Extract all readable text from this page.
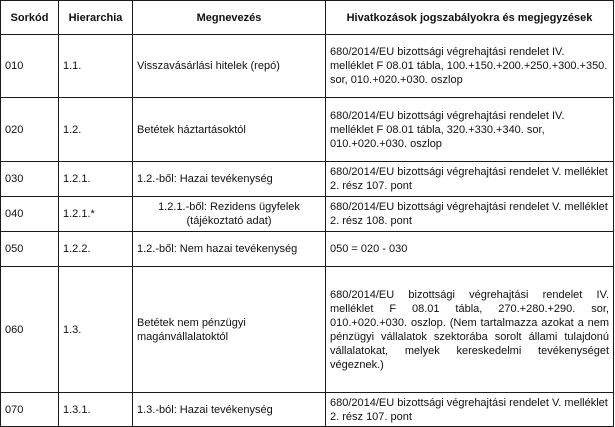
Sorkód	Hierarchia	Megnevezés	Hivatkozások jogszabályokra és megjegyzések
010	1.1.	Visszavásárlási hitelek (repó)	680/2014/EU bizottsági végrehajtási rendelet IV. melléklet F 08.01 tábla, 100.+150.+200.+250.+300.+350. sor, 010.+020.+030. oszlop
020	1.2.	Betétek háztartásoktól	680/2014/EU bizottsági végrehajtási rendelet IV. melléklet F 08.01 tábla, 320.+330.+340. sor, 010.+020.+030. oszlop
030	1.2.1.	1.2.-ből: Hazai tevékenység	680/2014/EU bizottsági végrehajtási rendelet V. melléklet 2. rész 107. pont
040	1.2.1.*	1.2.1.-ből: Rezidens ügyfelek (tájékoztató adat)	680/2014/EU bizottsági végrehajtási rendelet V. melléklet 2. rész 108. pont
050	1.2.2.	1.2.-ből: Nem hazai tevékenység	050 = 020 - 030
060	1.3.	Betétek nem pénzügyi magánvállalatoktól	680/2014/EU bizottsági végrehajtási rendelet IV. melléklet F 08.01 tábla, 270.+280.+290. sor, 010.+020.+030. oszlop. (Nem tartalmazza azokat a nem pénzügyi vállalatok szektorába sorolt állami tulajdonú vállalatokat, melyek kereskedelmi tevékenységet végeznek.)
070	1.3.1.	1.3.-ból: Hazai tevékenység	680/2014/EU bizottsági végrehajtási rendelet V. melléklet 2. rész 107. pont
